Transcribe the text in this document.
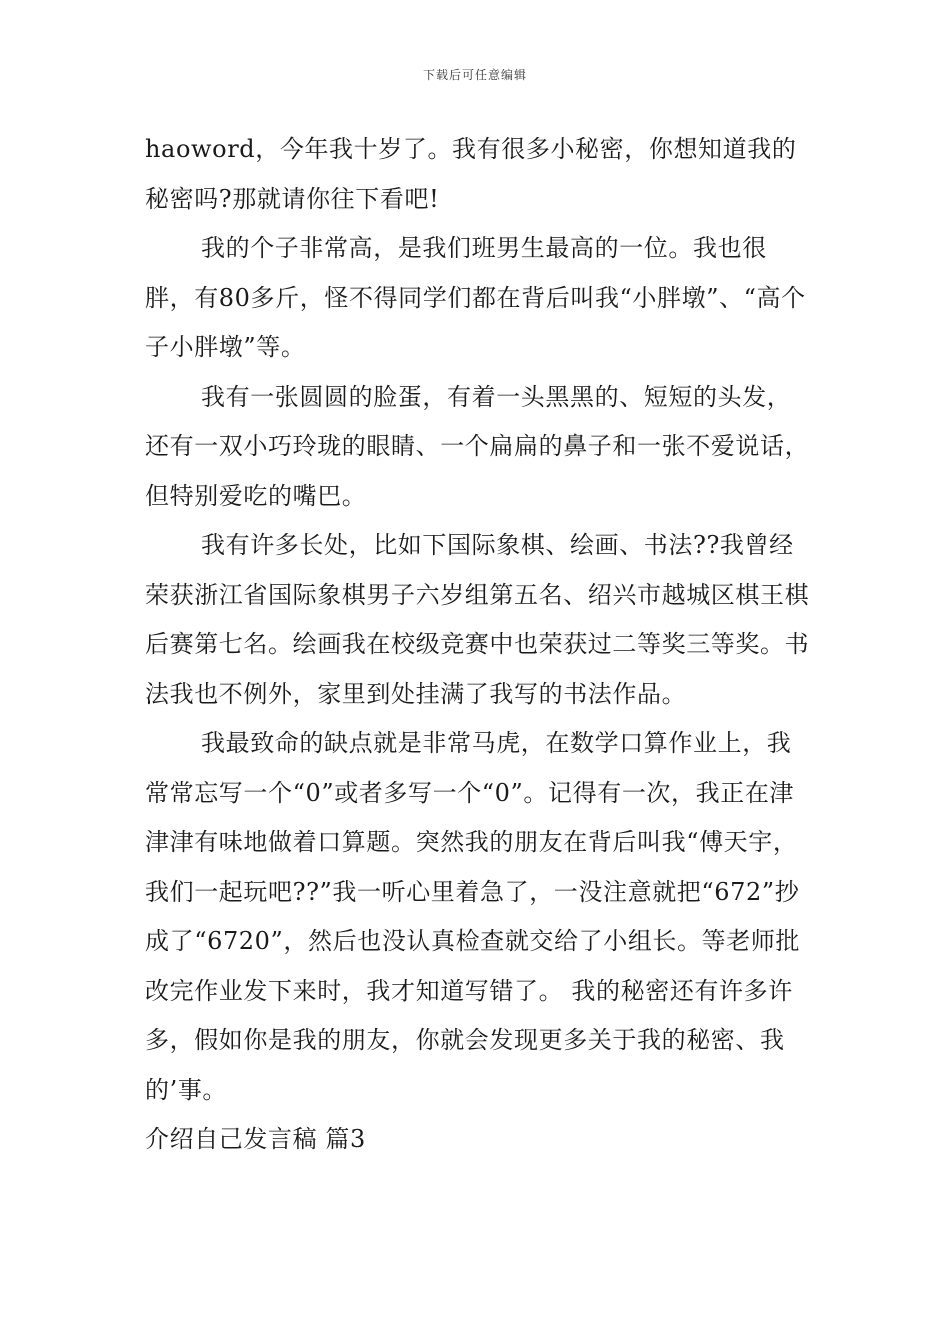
下载后可任意编辑

haoword，今年我十岁了。我有很多小秘密，你想知道我的秘密吗?那就请你往下看吧!

我的个子非常高，是我们班男生最高的一位。我也很胖，有80多斤，怪不得同学们都在背后叫我“小胖墩”、“高个子小胖墩”等。

我有一张圆圆的脸蛋，有着一头黑黑的、短短的头发，还有一双小巧玲珑的眼睛、一个扁扁的鼻子和一张不爱说话，但特别爱吃的嘴巴。

我有许多长处，比如下国际象棋、绘画、书法??我曾经荣获浙江省国际象棋男子六岁组第五名、绍兴市越城区棋王棋后赛第七名。绘画我在校级竞赛中也荣获过二等奖三等奖。书法我也不例外，家里到处挂满了我写的书法作品。

我最致命的缺点就是非常马虎，在数学口算作业上，我常常忘写一个“0”或者多写一个“0”。记得有一次，我正在津津津有味地做着口算题。突然我的朋友在背后叫我“傅天宇，我们一起玩吧??”我一听心里着急了，一没注意就把“672”抄成了“6720”，然后也没认真检查就交给了小组长。等老师批改完作业发下来时，我才知道写错了。 我的秘密还有许多许多，假如你是我的朋友，你就会发现更多关于我的秘密、我的’事。

介绍自己发言稿 篇3
